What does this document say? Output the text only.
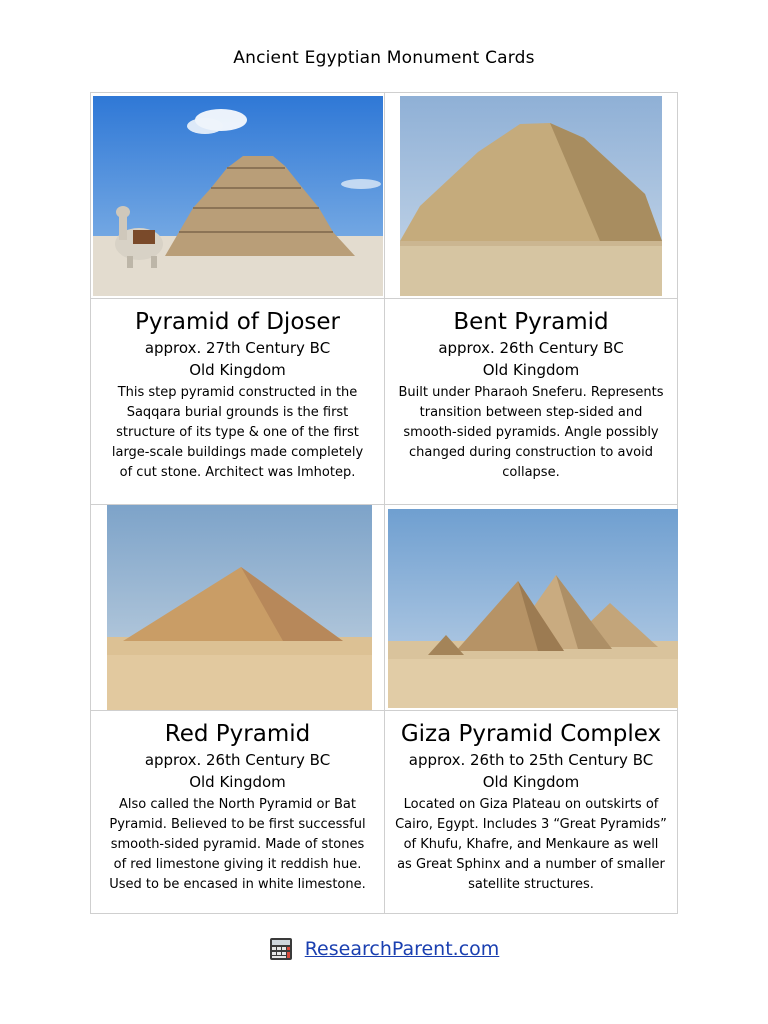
Ancient Egyptian Monument Cards
Pyramid of Djoser

approx. 27th Century BC

Old Kingdom

This step pyramid constructed in the Saqqara burial grounds is the first structure of its type & one of the first large-scale buildings made completely of cut stone. Architect was Imhotep.

Bent Pyramid

approx. 26th Century BC

Old Kingdom

Built under Pharaoh Sneferu. Represents transition between step-sided and smooth-sided pyramids. Angle possibly changed during construction to avoid collapse.

Red Pyramid

approx. 26th Century BC

Old Kingdom

Also called the North Pyramid or Bat Pyramid. Believed to be first successful smooth-sided pyramid. Made of stones of red limestone giving it reddish hue. Used to be encased in white limestone.

Giza Pyramid Complex

approx. 26th to 25th Century BC

Old Kingdom

Located on Giza Plateau on outskirts of Cairo, Egypt. Includes 3 “Great Pyramids” of Khufu, Khafre, and Menkaure as well as Great Sphinx and a number of smaller satellite structures.

ResearchParent.com
